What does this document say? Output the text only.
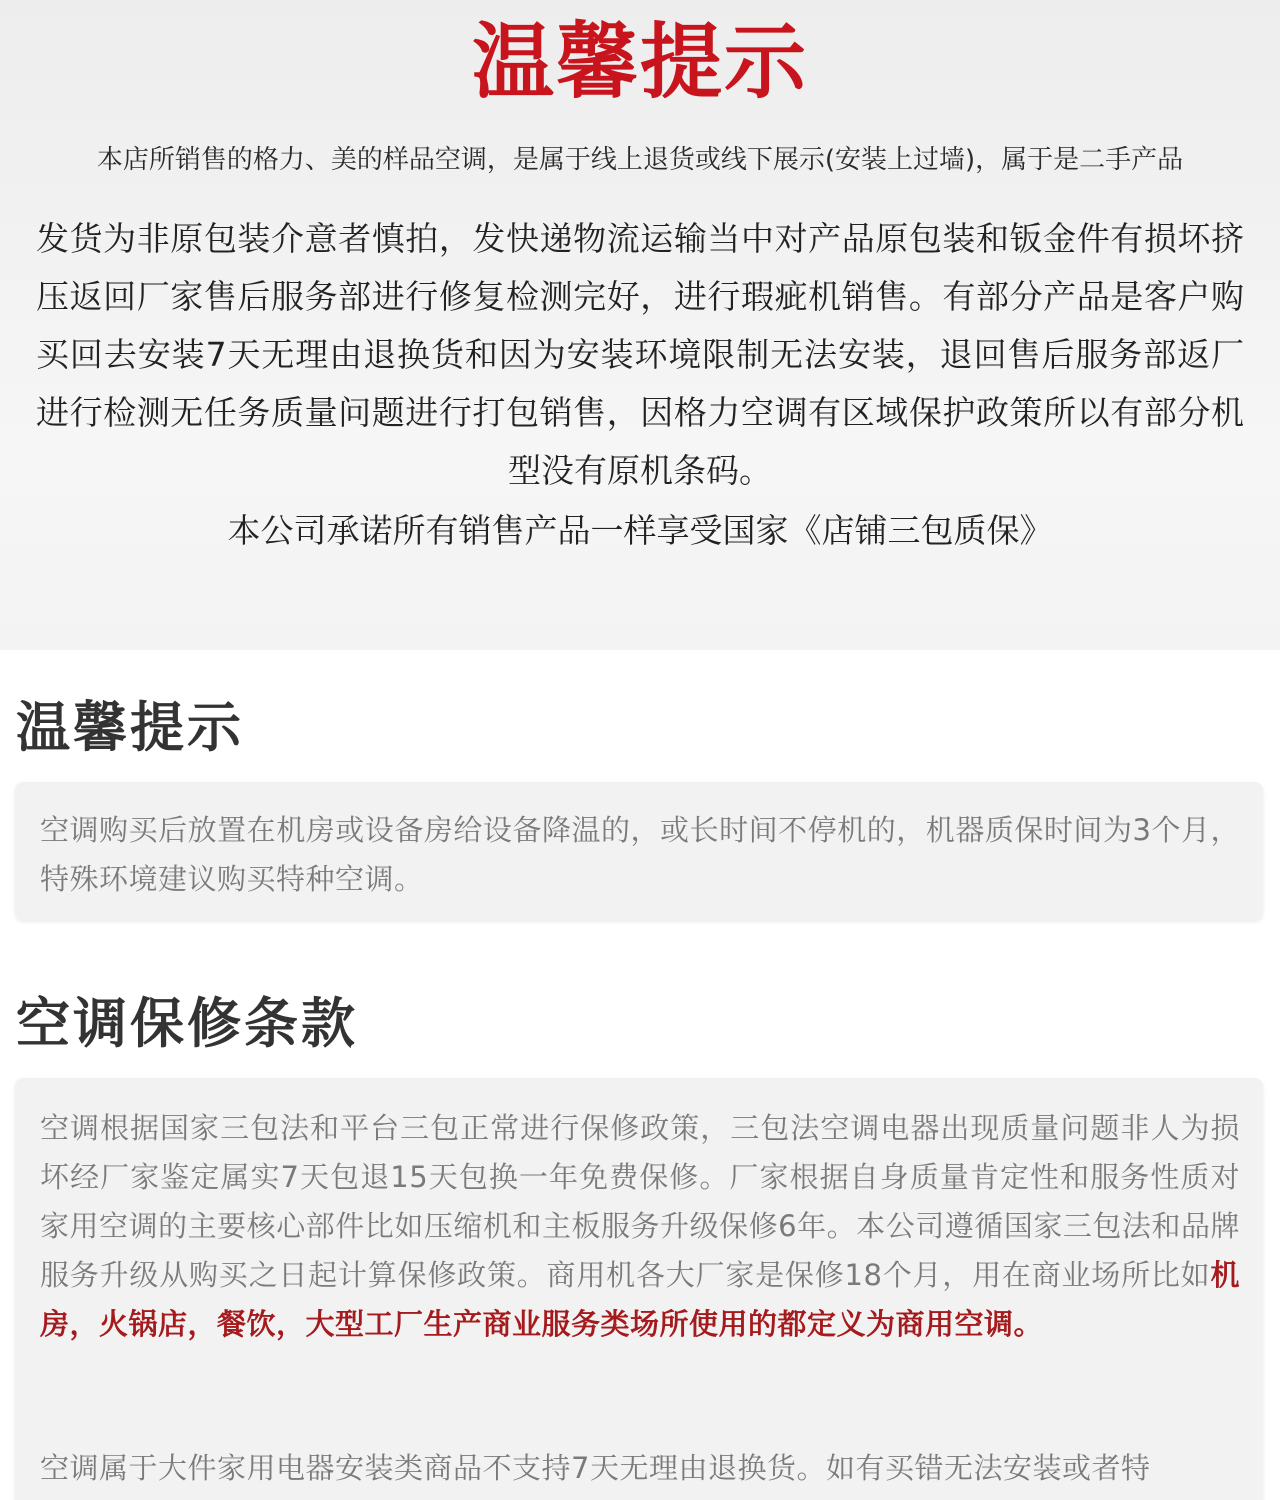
温馨提示
本店所销售的格力、美的样品空调，是属于线上退货或线下展示(安装上过墙)，属于是二手产品
发货为非原包装介意者慎拍，发快递物流运输当中对产品原包装和钣金件有损坏挤压返回厂家售后服务部进行修复检测完好，进行瑕疵机销售。有部分产品是客户购买回去安装7天无理由退换货和因为安装环境限制无法安装，退回售后服务部返厂进行检测无任务质量问题进行打包销售，因格力空调有区域保护政策所以有部分机型没有原机条码。
本公司承诺所有销售产品一样享受国家《店铺三包质保》
温馨提示
空调购买后放置在机房或设备房给设备降温的，或长时间不停机的，机器质保时间为3个月，特殊环境建议购买特种空调。
空调保修条款
空调根据国家三包法和平台三包正常进行保修政策，三包法空调电器出现质量问题非人为损坏经厂家鉴定属实7天包退15天包换一年免费保修。厂家根据自身质量肯定性和服务性质对家用空调的主要核心部件比如压缩机和主板服务升级保修6年。本公司遵循国家三包法和品牌服务升级从购买之日起计算保修政策。商用机各大厂家是保修18个月，用在商业场所比如机房，火锅店，餐饮，大型工厂生产商业服务类场所使用的都定义为商用空调。
空调属于大件家用电器安装类商品不支持7天无理由退换货。如有买错无法安装或者特
